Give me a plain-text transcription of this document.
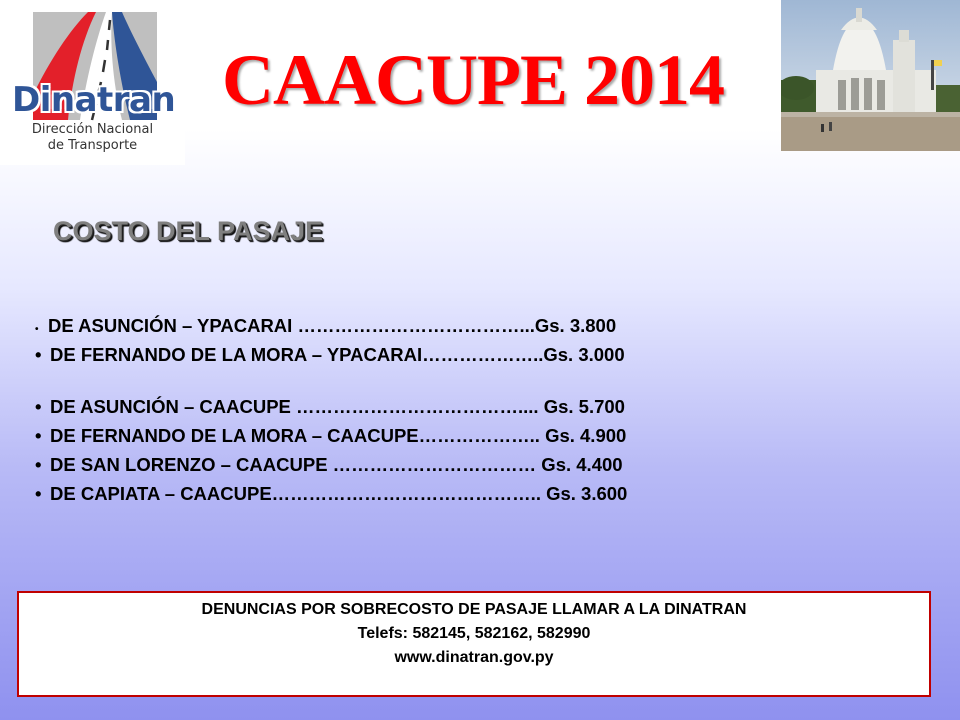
Dinatran
Dirección Nacional
de Transporte
CAACUPE 2014
COSTO DEL PASAJE
• DE ASUNCIÓN – YPACARAI ………………………………...Gs. 3.800
• DE FERNANDO DE LA MORA – YPACARAI………………..Gs. 3.000
• DE ASUNCIÓN – CAACUPE ……………………………….... Gs. 5.700
• DE FERNANDO DE LA MORA – CAACUPE……………….. Gs. 4.900
• DE SAN LORENZO – CAACUPE …………………………… Gs. 4.400
• DE CAPIATA – CAACUPE…………………………………….. Gs. 3.600
DENUNCIAS POR SOBRECOSTO DE PASAJE LLAMAR A LA DINATRAN
Telefs: 582145, 582162, 582990
www.dinatran.gov.py
